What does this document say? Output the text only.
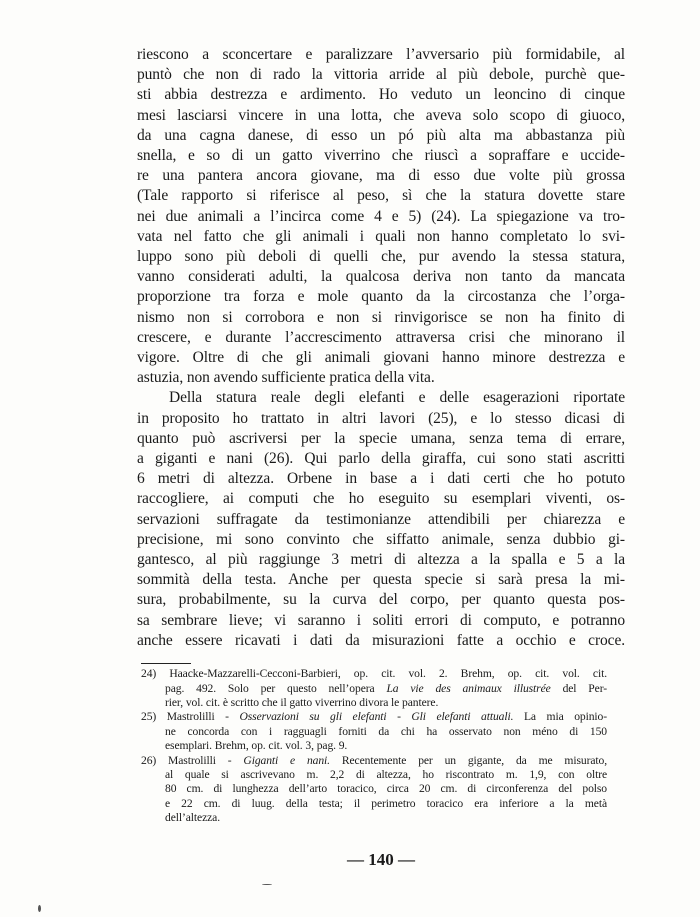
riescono a sconcertare e paralizzare l’avversario più formidabile, al
puntò che non di rado la vittoria arride al più debole, purchè que-
sti abbia destrezza e ardimento. Ho veduto un leoncino di cinque
mesi lasciarsi vincere in una lotta, che aveva solo scopo di giuoco,
da una cagna danese, di esso un pó più alta ma abbastanza più
snella, e so di un gatto viverrino che riuscì a sopraffare e uccide-
re una pantera ancora giovane, ma di esso due volte più grossa
(Tale rapporto si riferisce al peso, sì che la statura dovette stare
nei due animali a l’incirca come 4 e 5) (24). La spiegazione va tro-
vata nel fatto che gli animali i quali non hanno completato lo svi-
luppo sono più deboli di quelli che, pur avendo la stessa statura,
vanno considerati adulti, la qualcosa deriva non tanto da mancata
proporzione tra forza e mole quanto da la circostanza che l’orga-
nismo non si corrobora e non si rinvigorisce se non ha finito di
crescere, e durante l’accrescimento attraversa crisi che minorano il
vigore. Oltre di che gli animali giovani hanno minore destrezza e
astuzia, non avendo sufficiente pratica della vita.
Della statura reale degli elefanti e delle esagerazioni riportate
in proposito ho trattato in altri lavori (25), e lo stesso dicasi di
quanto può ascriversi per la specie umana, senza tema di errare,
a giganti e nani (26). Qui parlo della giraffa, cui sono stati ascritti
6 metri di altezza. Orbene in base a i dati certi che ho potuto
raccogliere, ai computi che ho eseguito su esemplari viventi, os-
servazioni suffragate da testimonianze attendibili per chiarezza e
precisione, mi sono convinto che siffatto animale, senza dubbio gi-
gantesco, al più raggiunge 3 metri di altezza a la spalla e 5 a la
sommità della testa. Anche per questa specie si sarà presa la mi-
sura, probabilmente, su la curva del corpo, per quanto questa pos-
sa sembrare lieve; vi saranno i soliti errori di computo, e potranno
anche essere ricavati i dati da misurazioni fatte a occhio e croce.
24) Haacke-Mazzarelli-Cecconi-Barbieri, op. cit. vol. 2. Brehm, op. cit. vol. cit.
pag. 492. Solo per questo nell’opera La vie des animaux illustrée del Per-
rier, vol. cit. è scritto che il gatto viverrino divora le pantere.
25) Mastrolilli - Osservazioni su gli elefanti - Gli elefanti attuali. La mia opinio-
ne concorda con i ragguagli forniti da chi ha osservato non méno di 150
esemplari. Brehm, op. cit. vol. 3, pag. 9.
26) Mastrolilli - Giganti e nani. Recentemente per un gigante, da me misurato,
al quale si ascrivevano m. 2,2 di altezza, ho riscontrato m. 1,9, con oltre
80 cm. di lunghezza dell’arto toracico, circa 20 cm. di circonferenza del polso
e 22 cm. di luug. della testa; il perimetro toracico era inferiore a la metà
dell’altezza.
— 140 —
